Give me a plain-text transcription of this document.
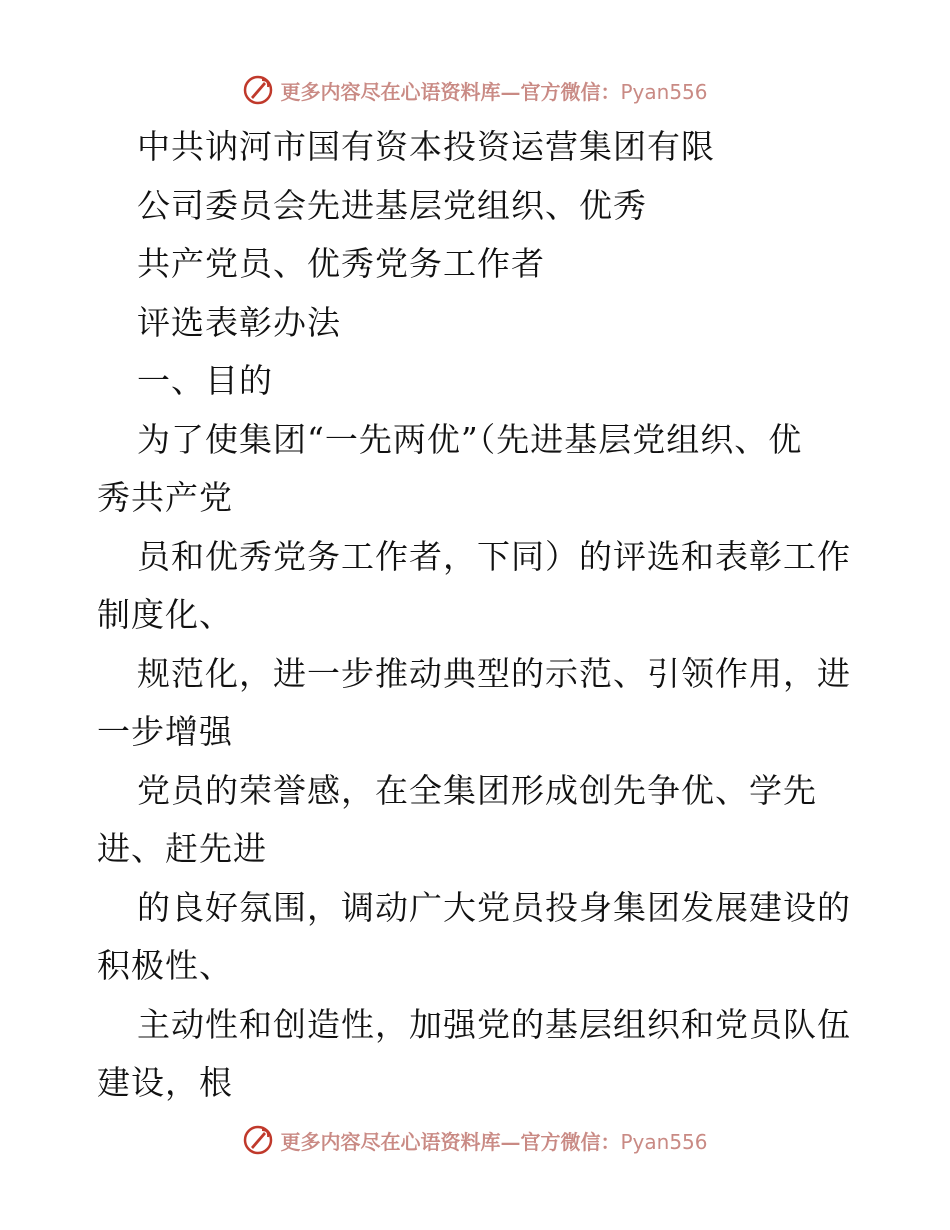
更多内容尽在心语资料库—官方微信：Pyan556
中共讷河市国有资本投资运营集团有限
公司委员会先进基层党组织、优秀
共产党员、优秀党务工作者
评选表彰办法
一、目的
为了使集团“一先两优”（先进基层党组织、优
秀共产党
员和优秀党务工作者，下同）的评选和表彰工作
制度化、
规范化，进一步推动典型的示范、引领作用，进
一步增强
党员的荣誉感，在全集团形成创先争优、学先
进、赶先进
的良好氛围，调动广大党员投身集团发展建设的
积极性、
主动性和创造性，加强党的基层组织和党员队伍
建设，根
更多内容尽在心语资料库—官方微信：Pyan556
